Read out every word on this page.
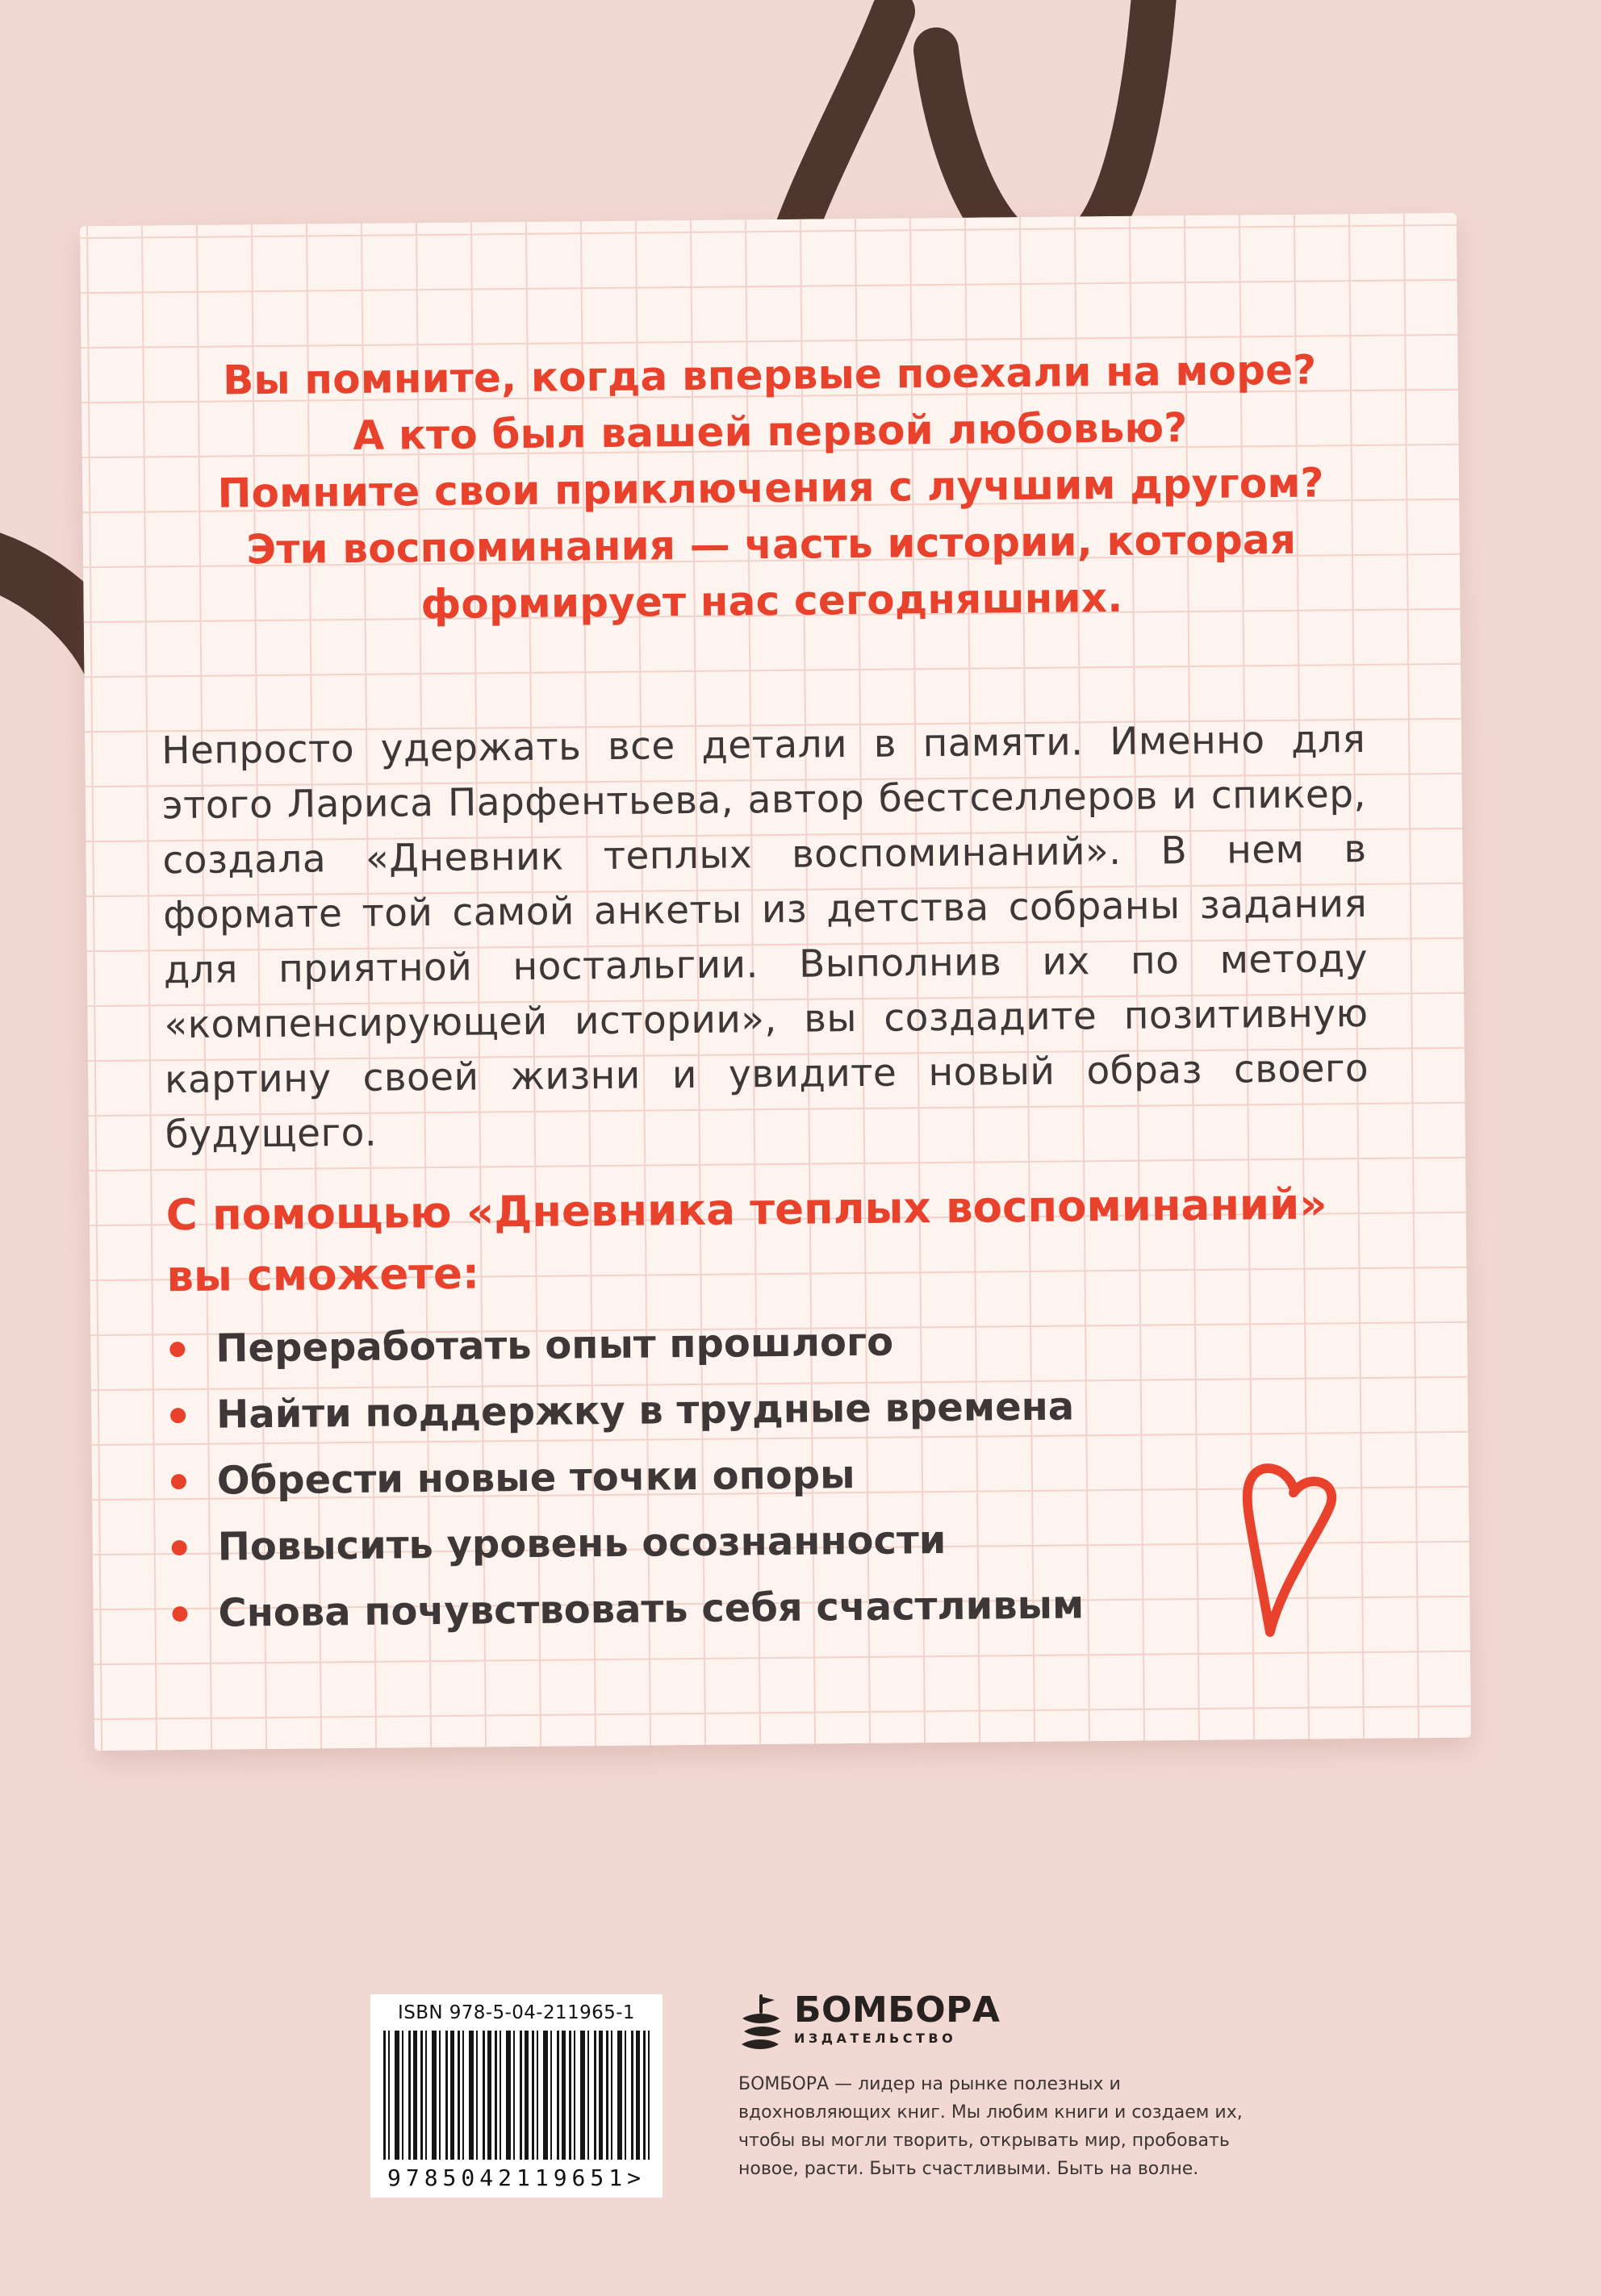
Вы помните, когда впервые поехали на море?
А кто был вашей первой любовью?
Помните свои приключения с лучшим другом?
Эти воспоминания — часть истории, которая
формирует нас сегодняшних.

Непросто удержать все детали в памяти. Именно для этого Лариса Парфентьева, автор бестселлеров и спикер, создала «Дневник теплых воспоминаний». В нем в формате той самой анкеты из детства собраны задания для приятной ностальгии. Выполнив их по методу «компенсирующей истории», вы создадите позитивную картину своей жизни и увидите новый образ своего будущего.

С помощью «Дневника теплых воспоминаний»
вы сможете:
Переработать опыт прошлого
Найти поддержку в трудные времена
Обрести новые точки опоры
Повысить уровень осознанности
Снова почувствовать себя счастливым
ISBN 978-5-04-211965-1
9785042119651>
БОМБОРА
ИЗДАТЕЛЬСТВО

БОМБОРА — лидер на рынке полезных и вдохновляющих книг. Мы любим книги и создаем их, чтобы вы могли творить, открывать мир, пробовать новое, расти. Быть счастливыми. Быть на волне.
